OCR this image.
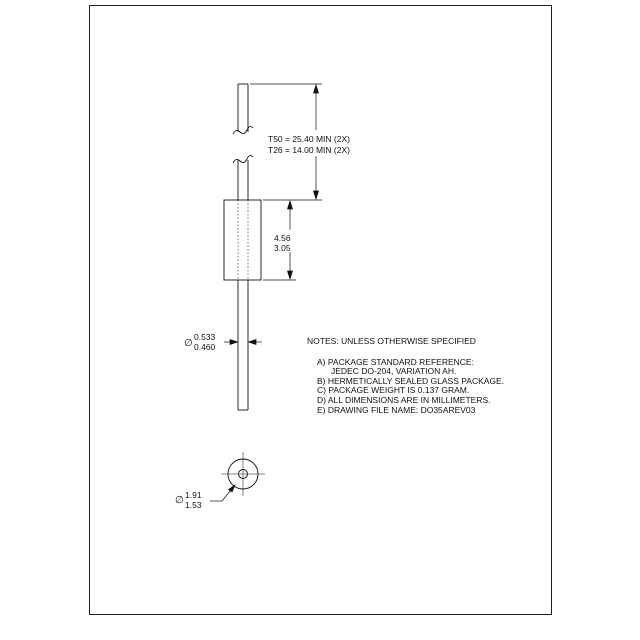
T50 = 25.40 MIN (2X)
T26 = 14.00 MIN (2X)
4.56
3.05
∅
0.533
0.460
∅ 1.91
1.53
NOTES: UNLESS OTHERWISE SPECIFIED
A) PACKAGE STANDARD REFERENCE:
JEDEC DO-204, VARIATION AH.
B) HERMETICALLY SEALED GLASS PACKAGE.
C) PACKAGE WEIGHT IS 0.137 GRAM.
D) ALL DIMENSIONS ARE IN MILLIMETERS.
E) DRAWING FILE NAME: DO35AREV03
